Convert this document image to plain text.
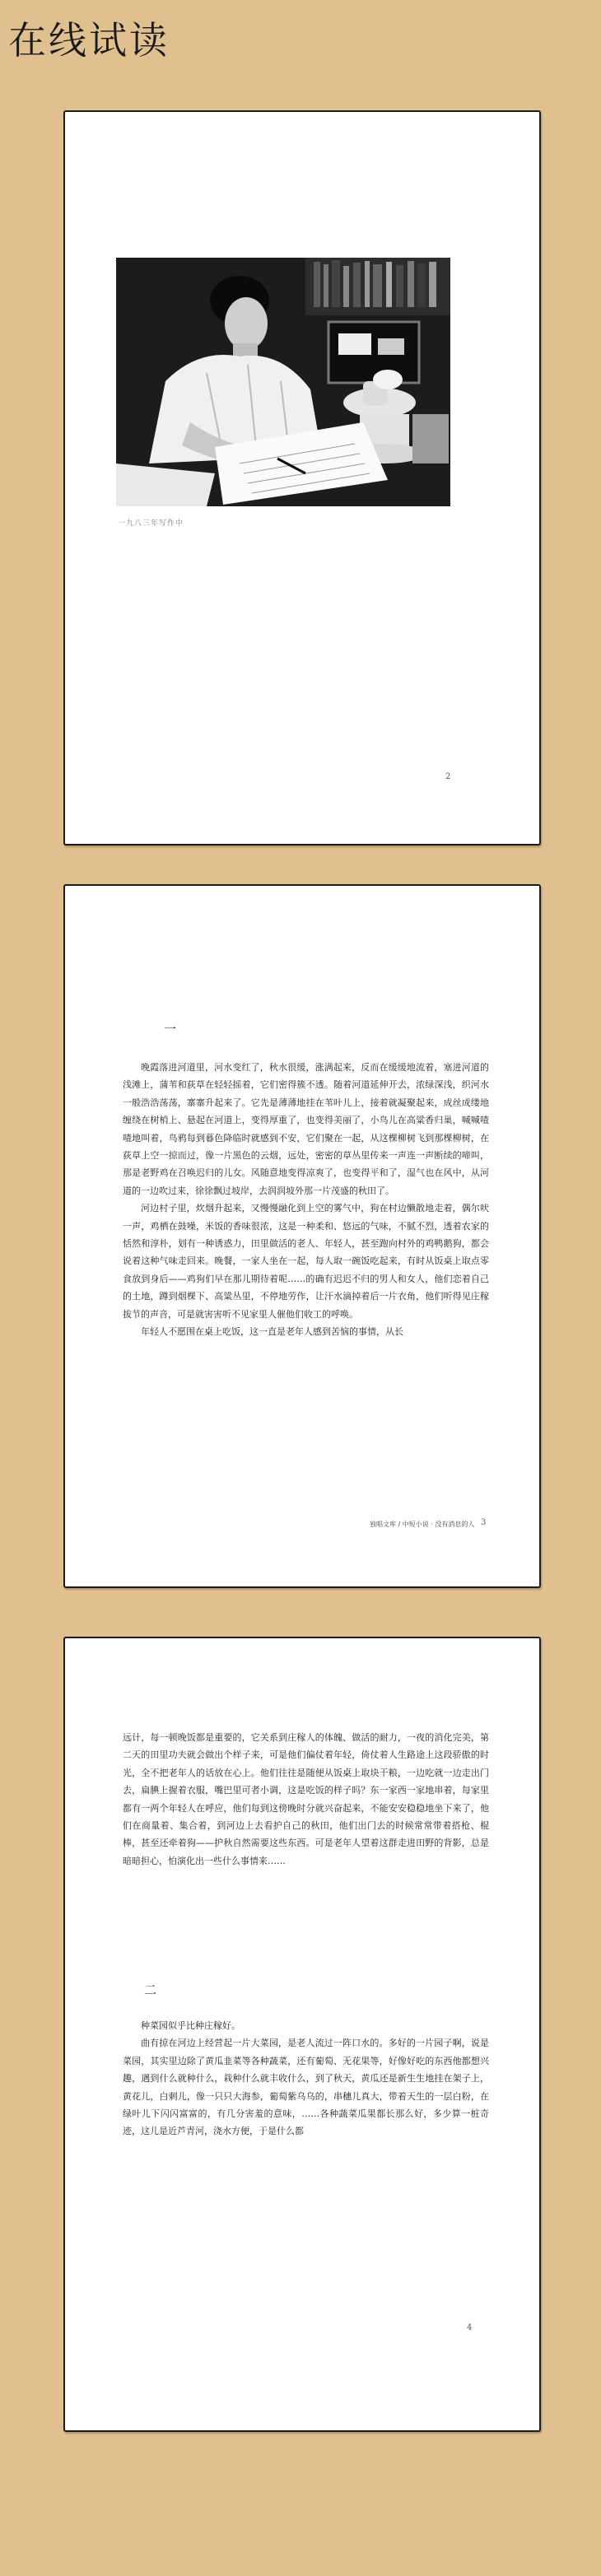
在线试读
一九八三年写作中
2
一

晚霞落进河道里，河水变红了，秋水很缓，涨满起来，反而在缓缓地流着，塞进河道的浅滩上，蒲苇和荻草在轻轻摇着，它们密得簇不透。随着河道延伸开去，浓绿深浅，织河水一般浩浩荡荡，寨寨升起来了。它先是薄薄地挂在苇叶儿上，接着就凝聚起来，成丝成缕地缠绕在树梢上、悬起在河道上，变得厚重了，也变得美丽了，小鸟儿在高粱香归巢，喊喊喳喳地叫着，鸟鸦每到暮色降临时就感到不安，它们聚在一起，从这棵柳树飞到那棵柳树，在荻草上空一掠而过，像一片黑色的云烟，远处，密密的草丛里传来一声连一声断续的啼叫，那是老野鸡在召唤迟归的儿女。风随意地变得凉爽了，也变得平和了，湿气也在风中，从河道的一边吹过来，徐徐飘过坡岸，去润润坡外那一片茂盛的秋田了。

河边村子里，炊烟升起来，又慢慢融化到上空的雾气中，狗在村边懒散地走着，偶尔吠一声，鸡栖在鼓噪，米饭的香味很浓，这是一种柔和、悠远的气味，不腻不烈，透着农家的恬然和淳朴，划有一种诱惑力，田里做活的老人、年轻人，甚至跑向村外的鸡鸭鹅狗，都会说着这种气味走回来。晚餐，一家人坐在一起，每人取一碗饭吃起来，有时从饭桌上取点零食放到身后——鸡狗们早在那儿期待着呢……的确有迟迟不归的男人和女人，他们恋着自己的土地，蹲到烟棵下、高粱丛里，不停地劳作，让汗水滴掉着后一片衣角，他们听得见庄稼拔节的声音，可是就害害听不见家里人催他们收工的呼唤。

年轻人不愿围在桌上吃饭，这一直是老年人感到苦恼的事情，从长

独唱文库 / 中短小说 · 没有消息的人 3

远计，每一顿晚饭都是重要的，它关系到庄稼人的体魄、做活的耐力，一夜的消化完美，第二天的田里功夫就会做出个样子来，可是他们偏仗着年轻，倚仗着人生路途上这段骄傲的时光，全不把老年人的话放在心上。他们往往是随便从饭桌上取块干粮，一边吃就一边走出门去，扁腆上握着衣服，嘴巴里可者小调，这是吃饭的样子吗？东一家西一家地串着，每家里都有一两个年轻人在呼应，他们每到这傍晚时分就兴奋起来，不能安安稳稳地坐下来了，他们在商量着、集合着，到河边上去看护自己的秋田，他们出门去的时候常常带着搭枪、棍棒，甚至还牵着狗——护秋自然需要这些东西。可是老年人望着这群走进田野的背影，总是暗暗担心，怕演化出一些什么事情来……

二

种菜园似乎比种庄稼好。

曲有掠在河边上经营起一片大菜园，是老人流过一阵口水的。多好的一片园子啊，说是菜园，其实里边除了黄瓜韭菜等各种蔬菜，还有葡萄、无花果等，好像好吃的东西他都想兴趣，遇到什么就种什么，栽种什么就丰收什么，到了秋天，黄瓜还是新生生地挂在架子上，黄花儿，白刺儿，像一只只大海参，葡萄紫乌乌的，串穗儿真大，带着天生的一层白粉，在绿叶儿下闪闪富富的，有几分害羞的意味，……各种蔬菜瓜果都长那么好，多少算一桩奇迹，这儿是近芦青河，浇水方便，于是什么都

4
